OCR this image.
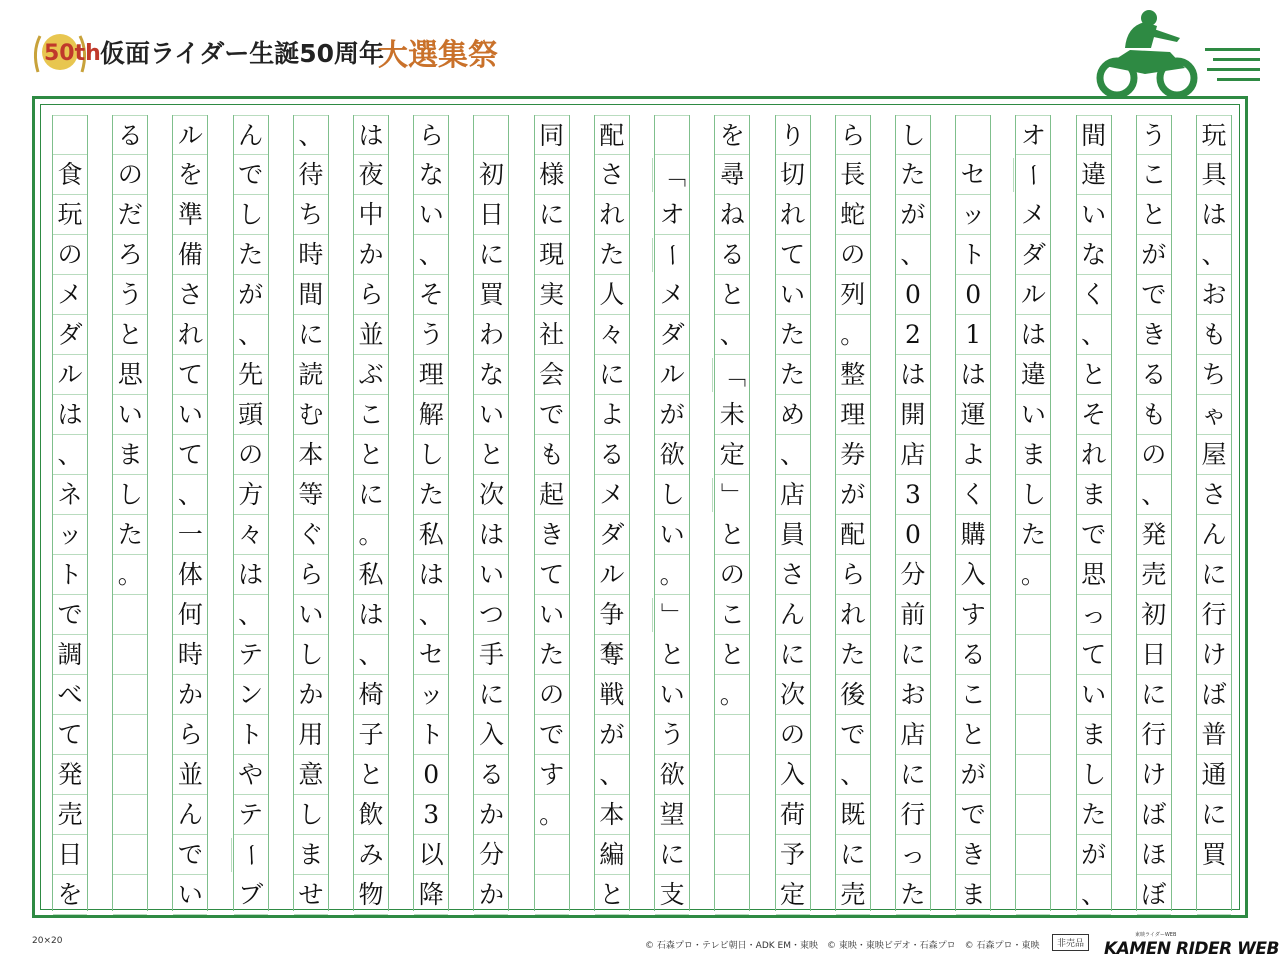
50th 仮面ライダー生誕50周年
大選集祭
玩
具
は
、
お
も
ち
ゃ
屋
さ
ん
に
行
け
ば
普
通
に
買
う
こ
と
が
で
き
る
も
の
、
発
売
初
日
に
行
け
ば
ほ
ぼ
間
違
い
な
く
、
と
そ
れ
ま
で
思
っ
て
い
ま
し
た
が
、
オ
ー
メ
ダ
ル
は
違
い
ま
し
た
。
セ
ッ
ト
0
1
は
運
よ
く
購
入
す
る
こ
と
が
で
き
ま
し
た
が
、
0
2
は
開
店
3
0
分
前
に
お
店
に
行
っ
た
ら
長
蛇
の
列
。
整
理
券
が
配
ら
れ
た
後
で
、
既
に
売
り
切
れ
て
い
た
た
め
、
店
員
さ
ん
に
次
の
入
荷
予
定
を
尋
ね
る
と
、
「
未
定
」
と
の
こ
と
。
「
オ
ー
メ
ダ
ル
が
欲
し
い
。
」
と
い
う
欲
望
に
支
配
さ
れ
た
人
々
に
よ
る
メ
ダ
ル
争
奪
戦
が
、
本
編
と
同
様
に
現
実
社
会
で
も
起
き
て
い
た
の
で
す
。
初
日
に
買
わ
な
い
と
次
は
い
つ
手
に
入
る
か
分
か
ら
な
い
、
そ
う
理
解
し
た
私
は
、
セ
ッ
ト
0
3
以
降
は
夜
中
か
ら
並
ぶ
こ
と
に
。
私
は
、
椅
子
と
飲
み
物
、
待
ち
時
間
に
読
む
本
等
ぐ
ら
い
し
か
用
意
し
ま
せ
ん
で
し
た
が
、
先
頭
の
方
々
は
、
テ
ン
ト
や
テ
ー
ブ
ル
を
準
備
さ
れ
て
い
て
、
一
体
何
時
か
ら
並
ん
で
い
る
の
だ
ろ
う
と
思
い
ま
し
た
。
食
玩
の
メ
ダ
ル
は
、
ネ
ッ
ト
で
調
べ
て
発
売
日
を
20×20	© 石森プロ・テレビ朝日・ADK EM・東映　© 東映・東映ビデオ・石森プロ　© 石森プロ・東映	非売品
東映ライダーWEB
KAMEN RIDER WEB
